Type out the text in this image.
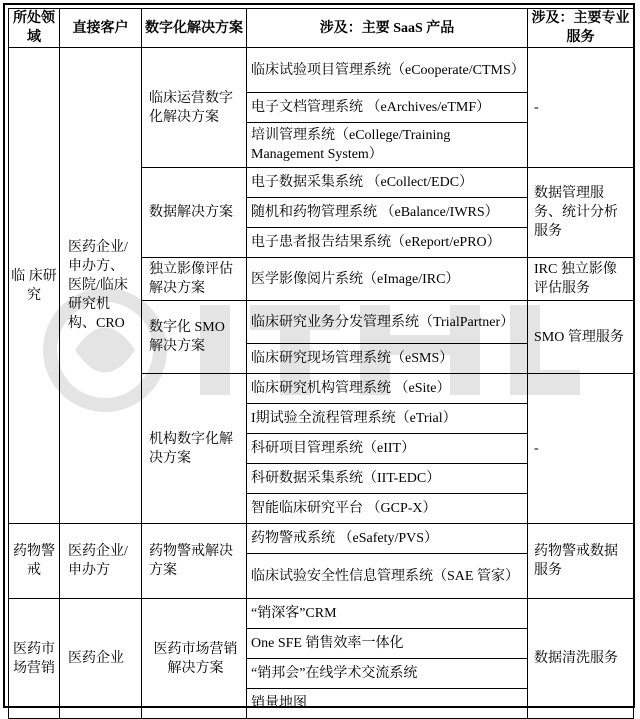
所处领域	直接客户	数字化解决方案	涉及：主要 SaaS 产品	涉及：主要专业服务
临 床研究	医药企业/申办方、医院/临床研究机构、CRO	临床运营数字化解决方案	临床试验项目管理系统（eCooperate/CTMS）	-
			电子文档管理系统 （eArchives/eTMF）	
			培训管理系统（eCollege/Training Management System）	
		数据解决方案	电子数据采集系统 （eCollect/EDC）	数据管理服务、统计分析服务
			随机和药物管理系统 （eBalance/IWRS）	
			电子患者报告结果系统（eReport/ePRO）	
		独立影像评估解决方案	医学影像阅片系统（eImage/IRC）	IRC 独立影像评估服务
		数字化 SMO 解决方案	临床研究业务分发管理系统（TrialPartner）	SMO 管理服务
			临床研究现场管理系统（eSMS）	
		机构数字化解决方案	临床研究机构管理系统 （eSite）	-
			I期试验全流程管理系统（eTrial）	
			科研项目管理系统（eIIT）	
			科研数据采集系统（IIT-EDC）	
			智能临床研究平台 （GCP-X）	
药物警戒	医药企业/申办方	药物警戒解决方案	药物警戒系统 （eSafety/PVS）	药物警戒数据服务
			临床试验安全性信息管理系统（SAE 管家）	
医药市场营销	医药企业	医药市场营销解决方案	“销深客”CRM	数据清洗服务
			One SFE 销售效率一体化	
			“销邦会”在线学术交流系统	
			销量地图	
